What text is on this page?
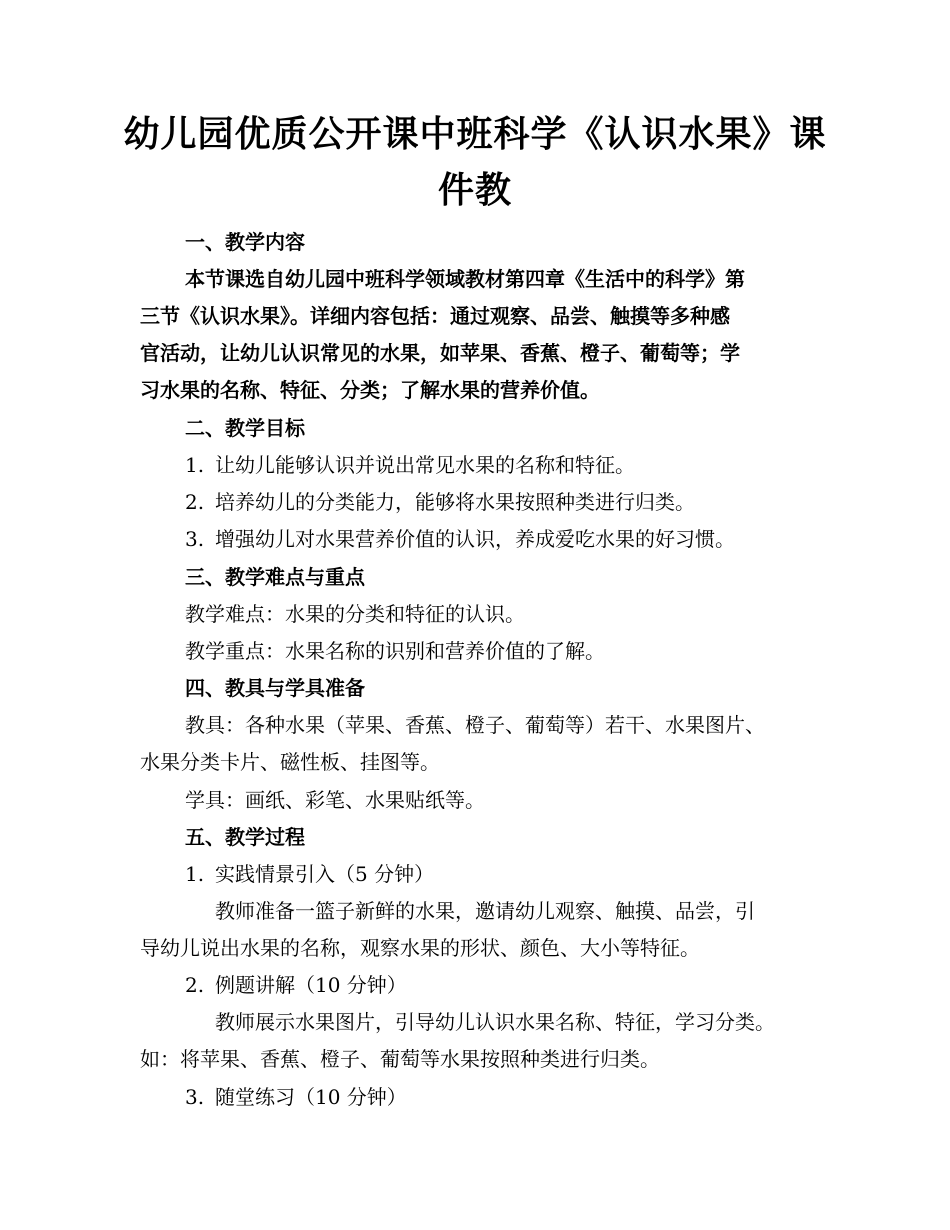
幼儿园优质公开课中班科学《认识水果》课
件教
一、教学内容
本节课选自幼儿园中班科学领域教材第四章《生活中的科学》第
三节《认识水果》。详细内容包括：通过观察、品尝、触摸等多种感
官活动，让幼儿认识常见的水果，如苹果、香蕉、橙子、葡萄等；学
习水果的名称、特征、分类；了解水果的营养价值。
二、教学目标
1. 让幼儿能够认识并说出常见水果的名称和特征。
2. 培养幼儿的分类能力，能够将水果按照种类进行归类。
3. 增强幼儿对水果营养价值的认识，养成爱吃水果的好习惯。
三、教学难点与重点
教学难点：水果的分类和特征的认识。
教学重点：水果名称的识别和营养价值的了解。
四、教具与学具准备
教具：各种水果（苹果、香蕉、橙子、葡萄等）若干、水果图片、
水果分类卡片、磁性板、挂图等。
学具：画纸、彩笔、水果贴纸等。
五、教学过程
1. 实践情景引入（5 分钟）
教师准备一篮子新鲜的水果，邀请幼儿观察、触摸、品尝，引
导幼儿说出水果的名称，观察水果的形状、颜色、大小等特征。
2. 例题讲解（10 分钟）
教师展示水果图片，引导幼儿认识水果名称、特征，学习分类。
如：将苹果、香蕉、橙子、葡萄等水果按照种类进行归类。
3. 随堂练习（10 分钟）
